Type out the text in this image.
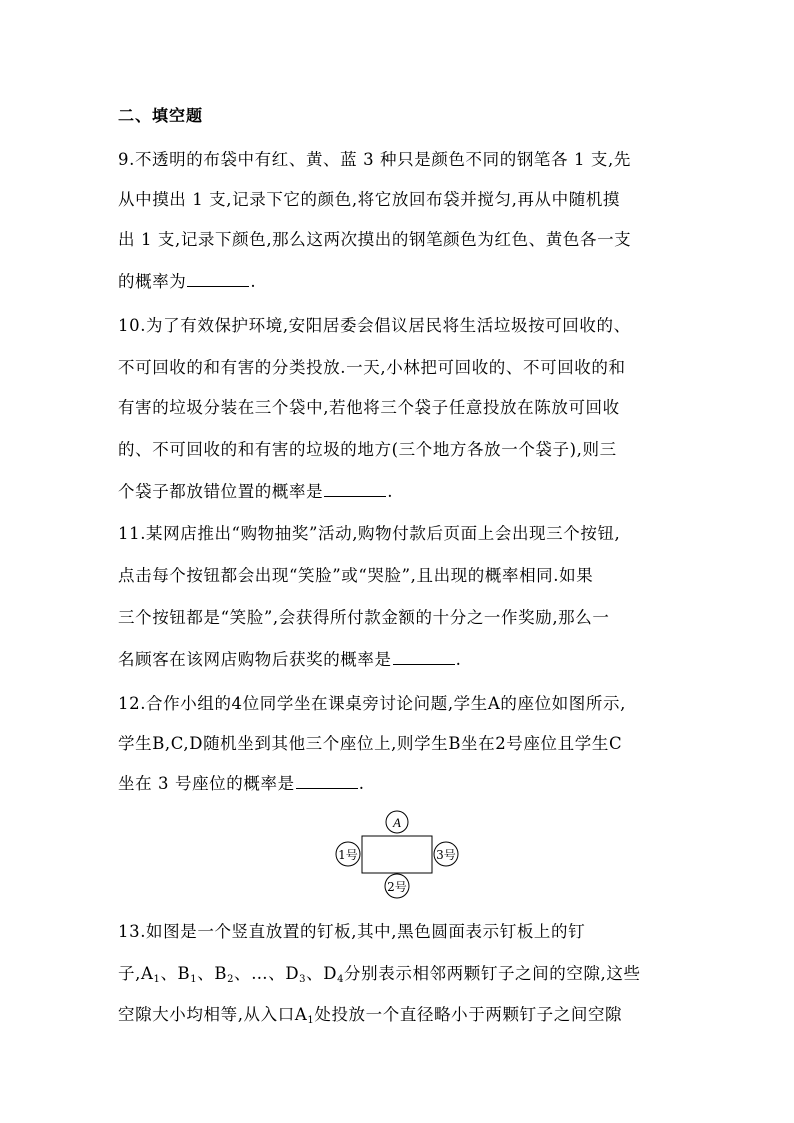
二、填空题
9.不透明的布袋中有红、黄、蓝 3 种只是颜色不同的钢笔各 1 支,先
从中摸出 1 支,记录下它的颜色,将它放回布袋并搅匀,再从中随机摸
出 1 支,记录下颜色,那么这两次摸出的钢笔颜色为红色、黄色各一支
的概率为	.
10.为了有效保护环境,安阳居委会倡议居民将生活垃圾按可回收的、
不可回收的和有害的分类投放.一天,小林把可回收的、不可回收的和
有害的垃圾分装在三个袋中,若他将三个袋子任意投放在陈放可回收
的、不可回收的和有害的垃圾的地方(三个地方各放一个袋子),则三
个袋子都放错位置的概率是	.
11.某网店推出“购物抽奖”活动,购物付款后页面上会出现三个按钮,
点击每个按钮都会出现“笑脸”或“哭脸”,且出现的概率相同.如果
三个按钮都是“笑脸”,会获得所付款金额的十分之一作奖励,那么一
名顾客在该网店购物后获奖的概率是	.
12.合作小组的4位同学坐在课桌旁讨论问题,学生A的座位如图所示,
学生B,C,D随机坐到其他三个座位上,则学生B坐在2号座位且学生C
坐在 3 号座位的概率是	.
A
1号	3号
2号
13.如图是一个竖直放置的钉板,其中,黑色圆面表示钉板上的钉
子$,A_1$、$B_1$、$B_2$、…、$D_3$、$D_4$分别表示相邻两颗钉子之间的空隙,这些
空隙大小均相等,从入口$A_1$处投放一个直径略小于两颗钉子之间空隙
